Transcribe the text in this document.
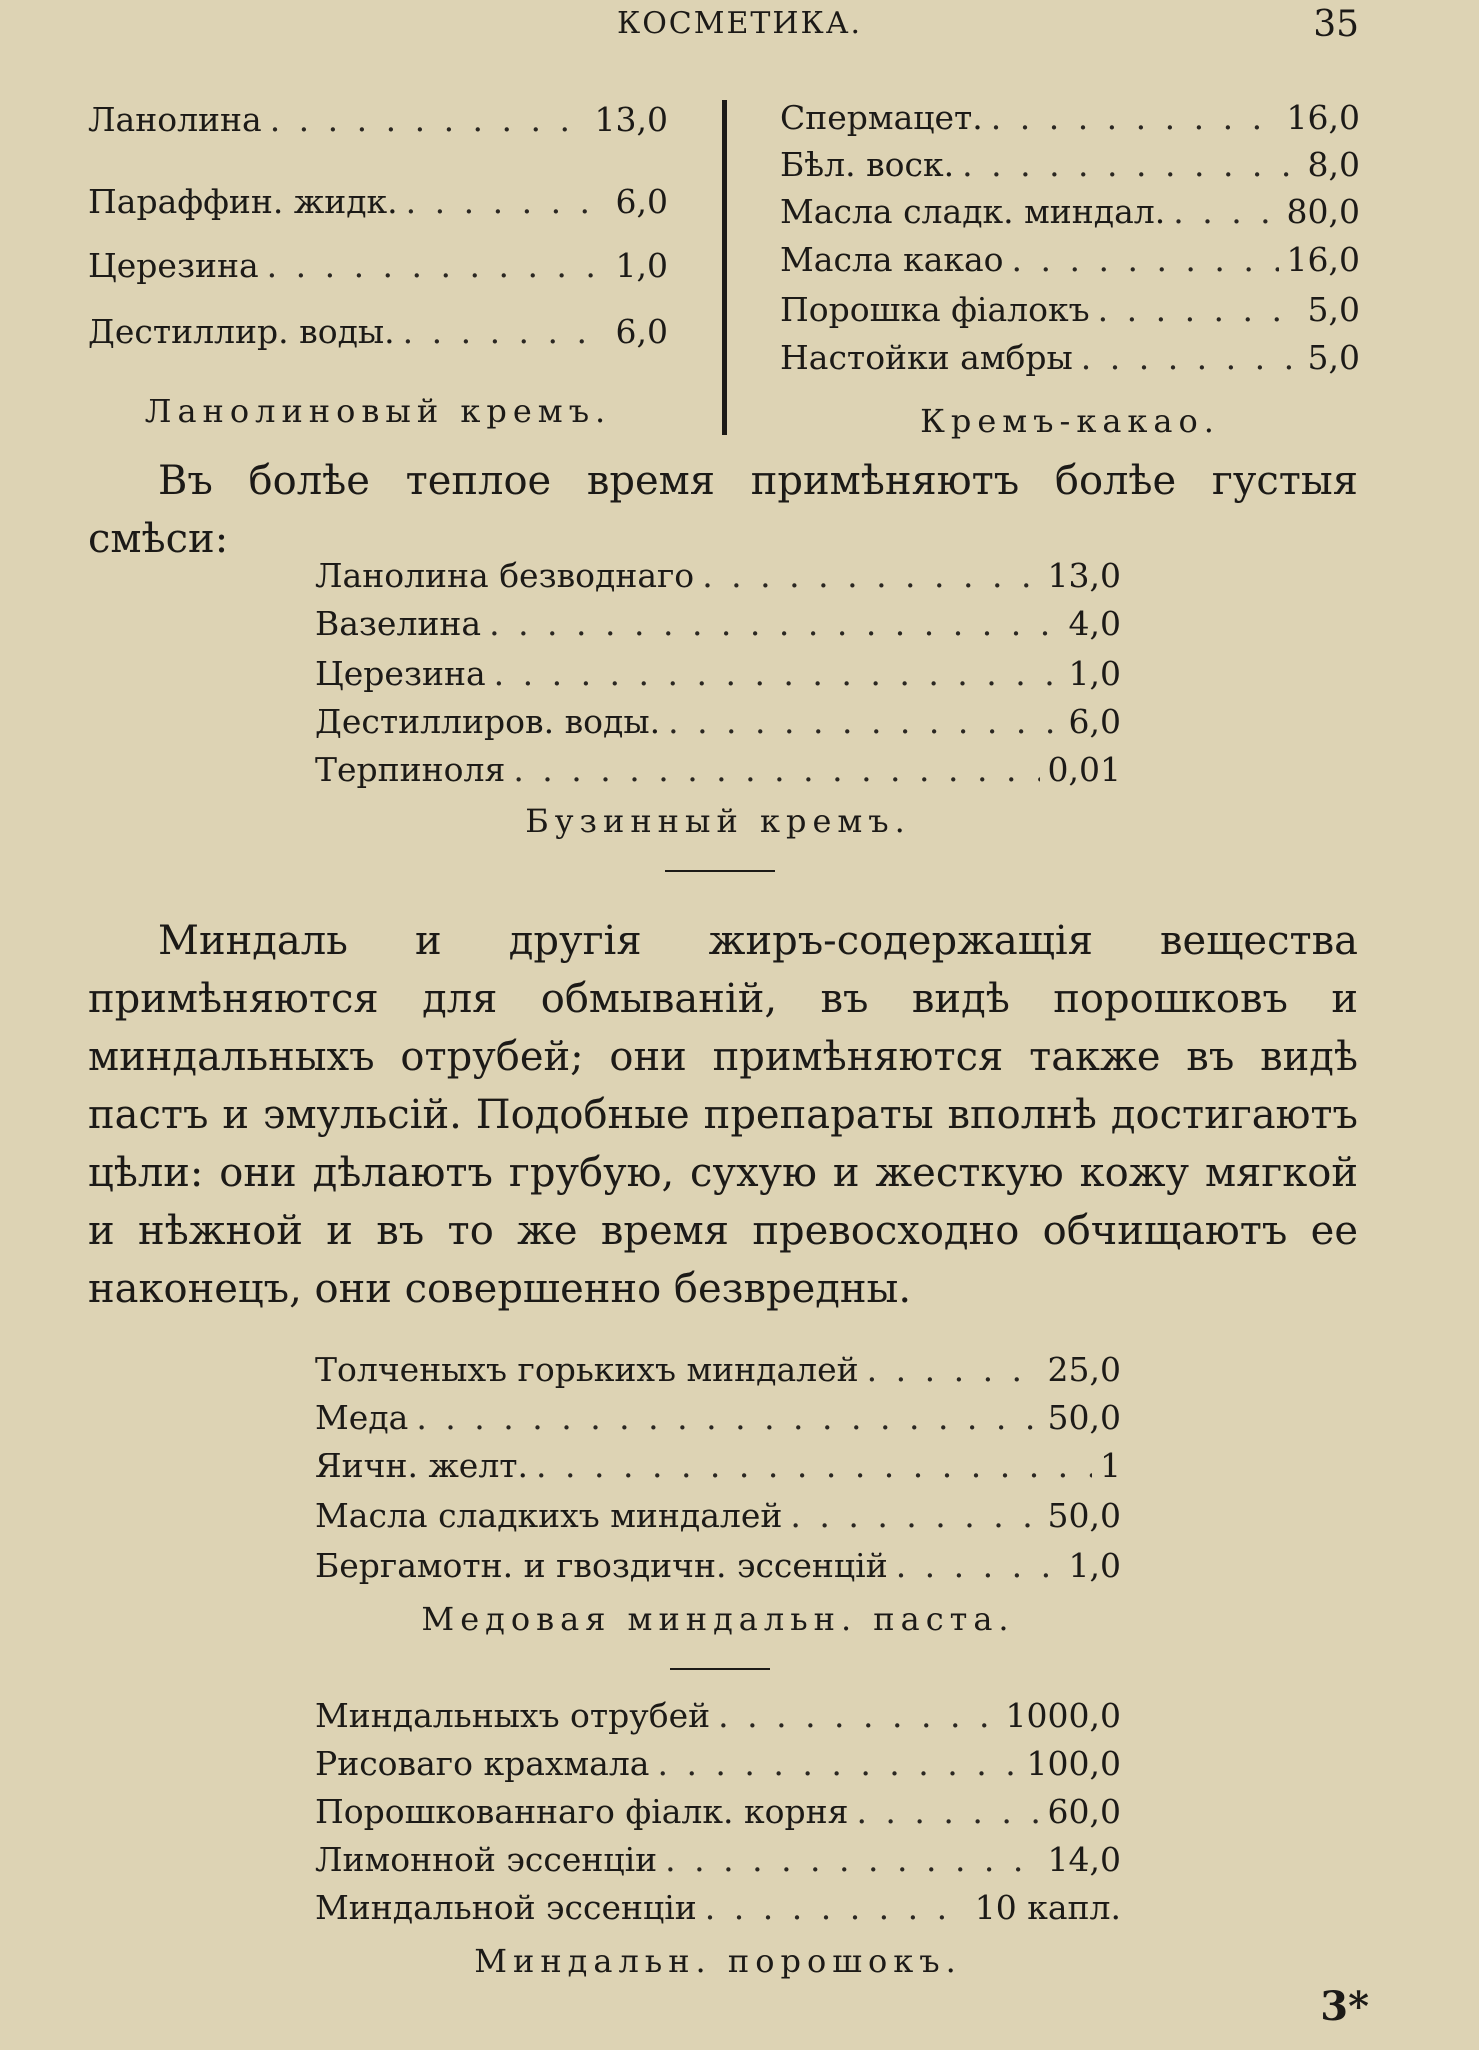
КОСМЕТИКА.	35
Ланолина . . .	13,0
Параффин. жидк. . . .	6,0
Церезина . . .	1,0
Дестиллир. воды. . . .	6,0
Ланолиновый кремъ.
Спермацет. . . .	16,0
Бѣл. воск. . . .	8,0
Масла сладк. миндал. . . .	80,0
Масла какао . . .	16,0
Порошка фіалокъ . . .	5,0
Настойки амбры . . .	5,0
Кремъ-какао.
Въ болѣе теплое время примѣняютъ болѣе густыя смѣси:
Ланолина безводнаго . . .	13,0
Вазелина . . .	4,0
Церезина . . .	1,0
Дестиллиров. воды. . . .	6,0
Терпиноля . . .	0,01
Бузинный кремъ.
Миндаль и другія жиръ-содержащія вещества примѣняются для обмываній, въ видѣ порошковъ и миндальныхъ отрубей; они примѣняются также въ видѣ пастъ и эмульсій. Подобные препараты вполнѣ достигаютъ цѣли: они дѣлаютъ грубую, сухую и жесткую кожу мягкой и нѣжной и въ то же время превосходно обчищаютъ ее наконецъ, они совершенно безвредны.
Толченыхъ горькихъ миндалей . . .	25,0
Меда . . .	50,0
Яичн. желт. . . .	1
Масла сладкихъ миндалей . . .	50,0
Бергамотн. и гвоздичн. эссенцій . . .	1,0
Медовая миндальн. паста.
Миндальныхъ отрубей . . .	1000,0
Рисоваго крахмала . . .	100,0
Порошкованнаго фіалк. корня . . .	60,0
Лимонной эссенціи . . .	14,0
Миндальной эссенціи . . .	10 капл.
Миндальн. порошокъ.
3*
